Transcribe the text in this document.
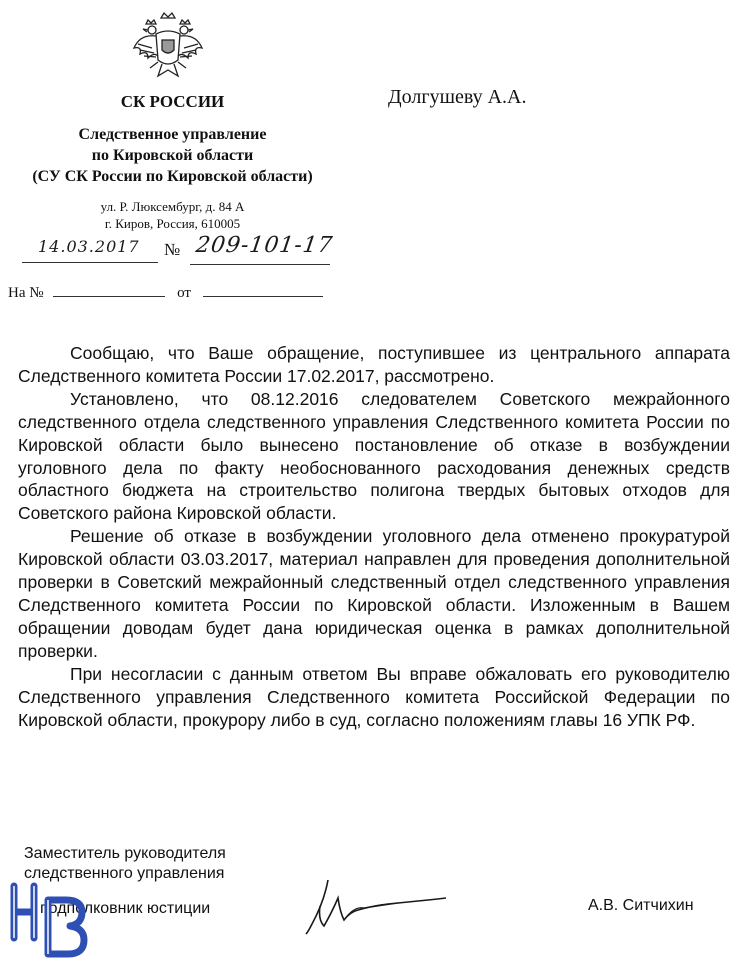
СК РОССИИ
Следственное управление
по Кировской области
(СУ СК России по Кировской области)
ул. Р. Люксембург, д. 84 А
г. Киров, Россия, 610005
Долгушеву А.А.
14.03.2017	№ 209-101-17
На №	от

Сообщаю, что Ваше обращение, поступившее из центрального аппарата Следственного комитета России 17.02.2017, рассмотрено.

Установлено, что 08.12.2016 следователем Советского межрайонного следственного отдела следственного управления Следственного комитета России по Кировской области было вынесено постановление об отказе в возбуждении уголовного дела по факту необоснованного расходования денежных средств областного бюджета на строительство полигона твердых бытовых отходов для Советского района Кировской области.

Решение об отказе в возбуждении уголовного дела отменено прокуратурой Кировской области 03.03.2017, материал направлен для проведения дополнительной проверки в Советский межрайонный следственный отдел следственного управления Следственного комитета России по Кировской области. Изложенным в Вашем обращении доводам будет дана юридическая оценка в рамках дополнительной проверки.

При несогласии с данным ответом Вы вправе обжаловать его руководителю Следственного управления Следственного комитета Российской Федерации по Кировской области, прокурору либо в суд, согласно положениям главы 16 УПК РФ.

Заместитель руководителя
следственного управления
подполковник юстиции	А.В. Ситчихин
